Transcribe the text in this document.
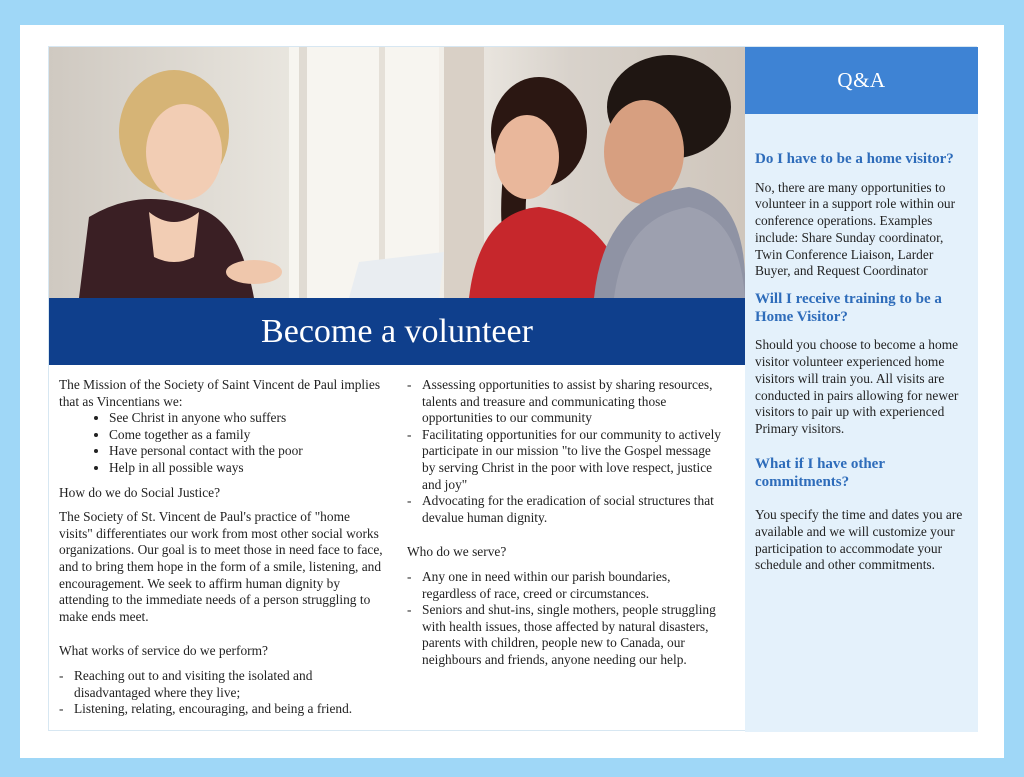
Become a volunteer

The Mission of the Society of Saint Vincent de Paul implies that as Vincentians we:

• See Christ in anyone who suffers
• Come together as a family
• Have personal contact with the poor
• Help in all possible ways

How do we do Social Justice?

The Society of St. Vincent de Paul's practice of "home visits" differentiates our work from most other social works organizations. Our goal is to meet those in need face to face, and to bring them hope in the form of a smile, listening, and encouragement. We seek to affirm human dignity by attending to the immediate needs of a person struggling to make ends meet.

What works of service do we perform?

- Reaching out to and visiting the isolated and disadvantaged where they live;
- Listening, relating, encouraging, and being a friend.
- Assessing opportunities to assist by sharing resources, talents and treasure and communicating those opportunities to our community
- Facilitating opportunities for our community to actively participate in our mission "to live the Gospel message by serving Christ in the poor with love respect, justice and joy"
- Advocating for the eradication of social structures that devalue human dignity.

Who do we serve?

- Any one in need within our parish boundaries, regardless of race, creed or circumstances.
- Seniors and shut-ins, single mothers, people struggling with health issues, those affected by natural disasters, parents with children, people new to Canada, our neighbours and friends, anyone needing our help.
Q&A

Do I have to be a home visitor?

No, there are many opportunities to volunteer in a support role within our conference operations. Examples include: Share Sunday coordinator, Twin Conference Liaison, Larder Buyer, and Request Coordinator

Will I receive training to be a Home Visitor?

Should you choose to become a home visitor volunteer experienced home visitors will train you. All visits are conducted in pairs allowing for newer visitors to pair up with experienced Primary visitors.

What if I have other commitments?

You specify the time and dates you are available and we will customize your participation to accommodate your schedule and other commitments.
